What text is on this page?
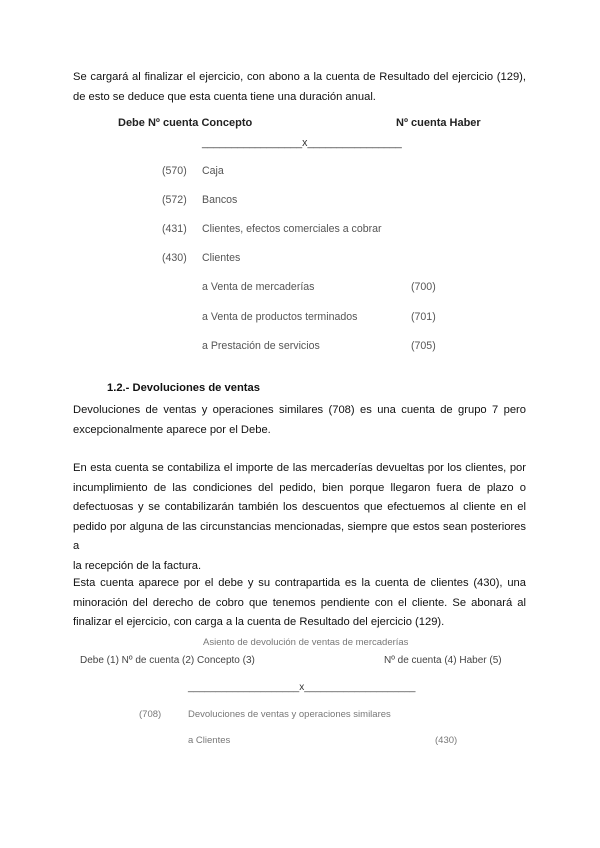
Se cargará al finalizar el ejercicio, con abono a la cuenta de Resultado del ejercicio (129),
de esto se deduce que esta cuenta tiene una duración anual.
Debe Nº cuenta Concepto	Nº cuenta Haber
_________________x________________
(570) Caja
(572) Bancos
(431) Clientes, efectos comerciales a cobrar
(430) Clientes
a Venta de mercaderías	(700)
a Venta de productos terminados	(701)
a Prestación de servicios	(705)
1.2.- Devoluciones de ventas
Devoluciones de ventas y operaciones similares (708) es una cuenta de grupo 7 pero
excepcionalmente aparece por el Debe.
En esta cuenta se contabiliza el importe de las mercaderías devueltas por los clientes, por
incumplimiento de las condiciones del pedido, bien porque llegaron fuera de plazo o
defectuosas y se contabilizarán también los descuentos que efectuemos al cliente en el
pedido por alguna de las circunstancias mencionadas, siempre que estos sean posteriores a
la recepción de la factura.
Esta cuenta aparece por el debe y su contrapartida es la cuenta de clientes (430), una
minoración del derecho de cobro que tenemos pendiente con el cliente. Se abonará al
finalizar el ejercicio, con carga a la cuenta de Resultado del ejercicio (129).
Asiento de devolución de ventas de mercaderías
Debe (1) Nº de cuenta (2) Concepto (3)	Nº de cuenta (4) Haber (5)
____________________x____________________
(708)	Devoluciones de ventas y operaciones similares
a Clientes	(430)
